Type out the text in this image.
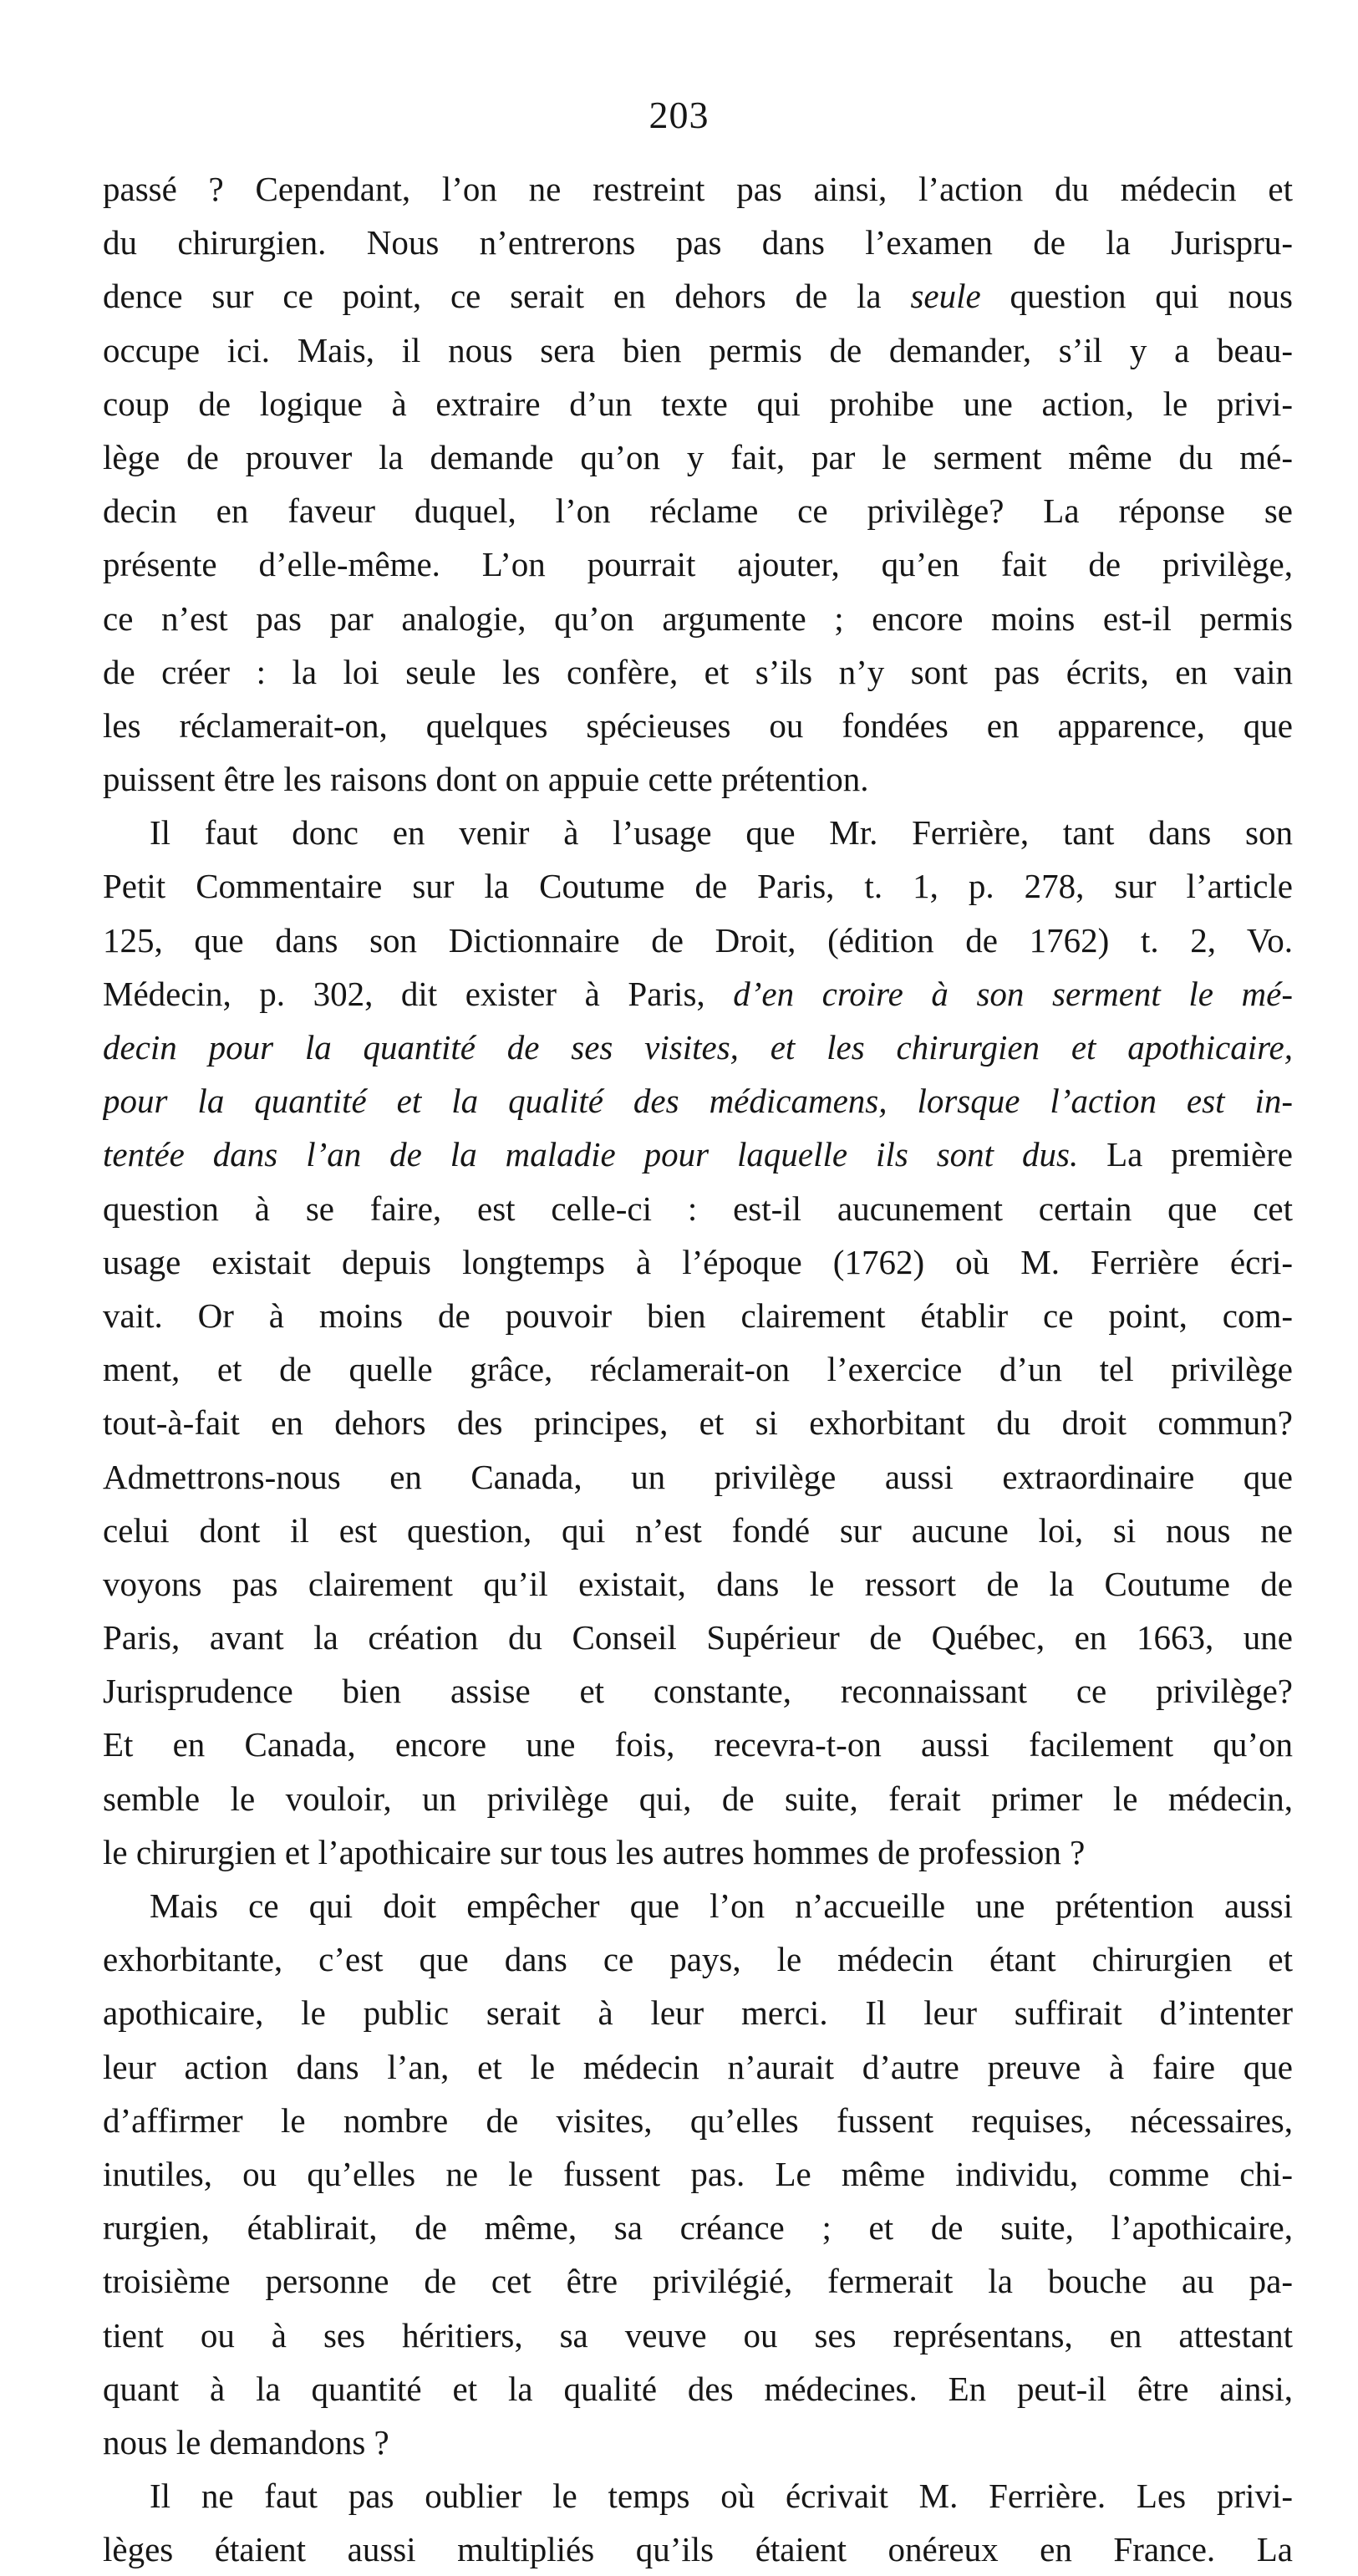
203
passé ? Cependant, l’on ne restreint pas ainsi, l’action du médecin et
du chirurgien. Nous n’entrerons pas dans l’examen de la Jurispru-
dence sur ce point, ce serait en dehors de la seule question qui nous
occupe ici. Mais, il nous sera bien permis de demander, s’il y a beau-
coup de logique à extraire d’un texte qui prohibe une action, le privi-
lège de prouver la demande qu’on y fait, par le serment même du mé-
decin en faveur duquel, l’on réclame ce privilège? La réponse se
présente d’elle-même. L’on pourrait ajouter, qu’en fait de privilège,
ce n’est pas par analogie, qu’on argumente ; encore moins est-il permis
de créer : la loi seule les confère, et s’ils n’y sont pas écrits, en vain
les réclamerait-on, quelques spécieuses ou fondées en apparence, que
puissent être les raisons dont on appuie cette prétention.
Il faut donc en venir à l’usage que Mr. Ferrière, tant dans son
Petit Commentaire sur la Coutume de Paris, t. 1, p. 278, sur l’article
125, que dans son Dictionnaire de Droit, (édition de 1762) t. 2, Vo.
Médecin, p. 302, dit exister à Paris, d’en croire à son serment le mé-
decin pour la quantité de ses visites, et les chirurgien et apothicaire,
pour la quantité et la qualité des médicamens, lorsque l’action est in-
tentée dans l’an de la maladie pour laquelle ils sont dus. La première
question à se faire, est celle-ci : est-il aucunement certain que cet
usage existait depuis longtemps à l’époque (1762) où M. Ferrière écri-
vait. Or à moins de pouvoir bien clairement établir ce point, com-
ment, et de quelle grâce, réclamerait-on l’exercice d’un tel privilège
tout-à-fait en dehors des principes, et si exhorbitant du droit commun?
Admettrons-nous en Canada, un privilège aussi extraordinaire que
celui dont il est question, qui n’est fondé sur aucune loi, si nous ne
voyons pas clairement qu’il existait, dans le ressort de la Coutume de
Paris, avant la création du Conseil Supérieur de Québec, en 1663, une
Jurisprudence bien assise et constante, reconnaissant ce privilège?
Et en Canada, encore une fois, recevra-t-on aussi facilement qu’on
semble le vouloir, un privilège qui, de suite, ferait primer le médecin,
le chirurgien et l’apothicaire sur tous les autres hommes de profession ?
Mais ce qui doit empêcher que l’on n’accueille une prétention aussi
exhorbitante, c’est que dans ce pays, le médecin étant chirurgien et
apothicaire, le public serait à leur merci. Il leur suffirait d’intenter
leur action dans l’an, et le médecin n’aurait d’autre preuve à faire que
d’affirmer le nombre de visites, qu’elles fussent requises, nécessaires,
inutiles, ou qu’elles ne le fussent pas. Le même individu, comme chi-
rurgien, établirait, de même, sa créance ; et de suite, l’apothicaire,
troisième personne de cet être privilégié, fermerait la bouche au pa-
tient ou à ses héritiers, sa veuve ou ses représentans, en attestant
quant à la quantité et la qualité des médecines. En peut-il être ainsi,
nous le demandons ?
Il ne faut pas oublier le temps où écrivait M. Ferrière. Les privi-
lèges étaient aussi multipliés qu’ils étaient onéreux en France. La
